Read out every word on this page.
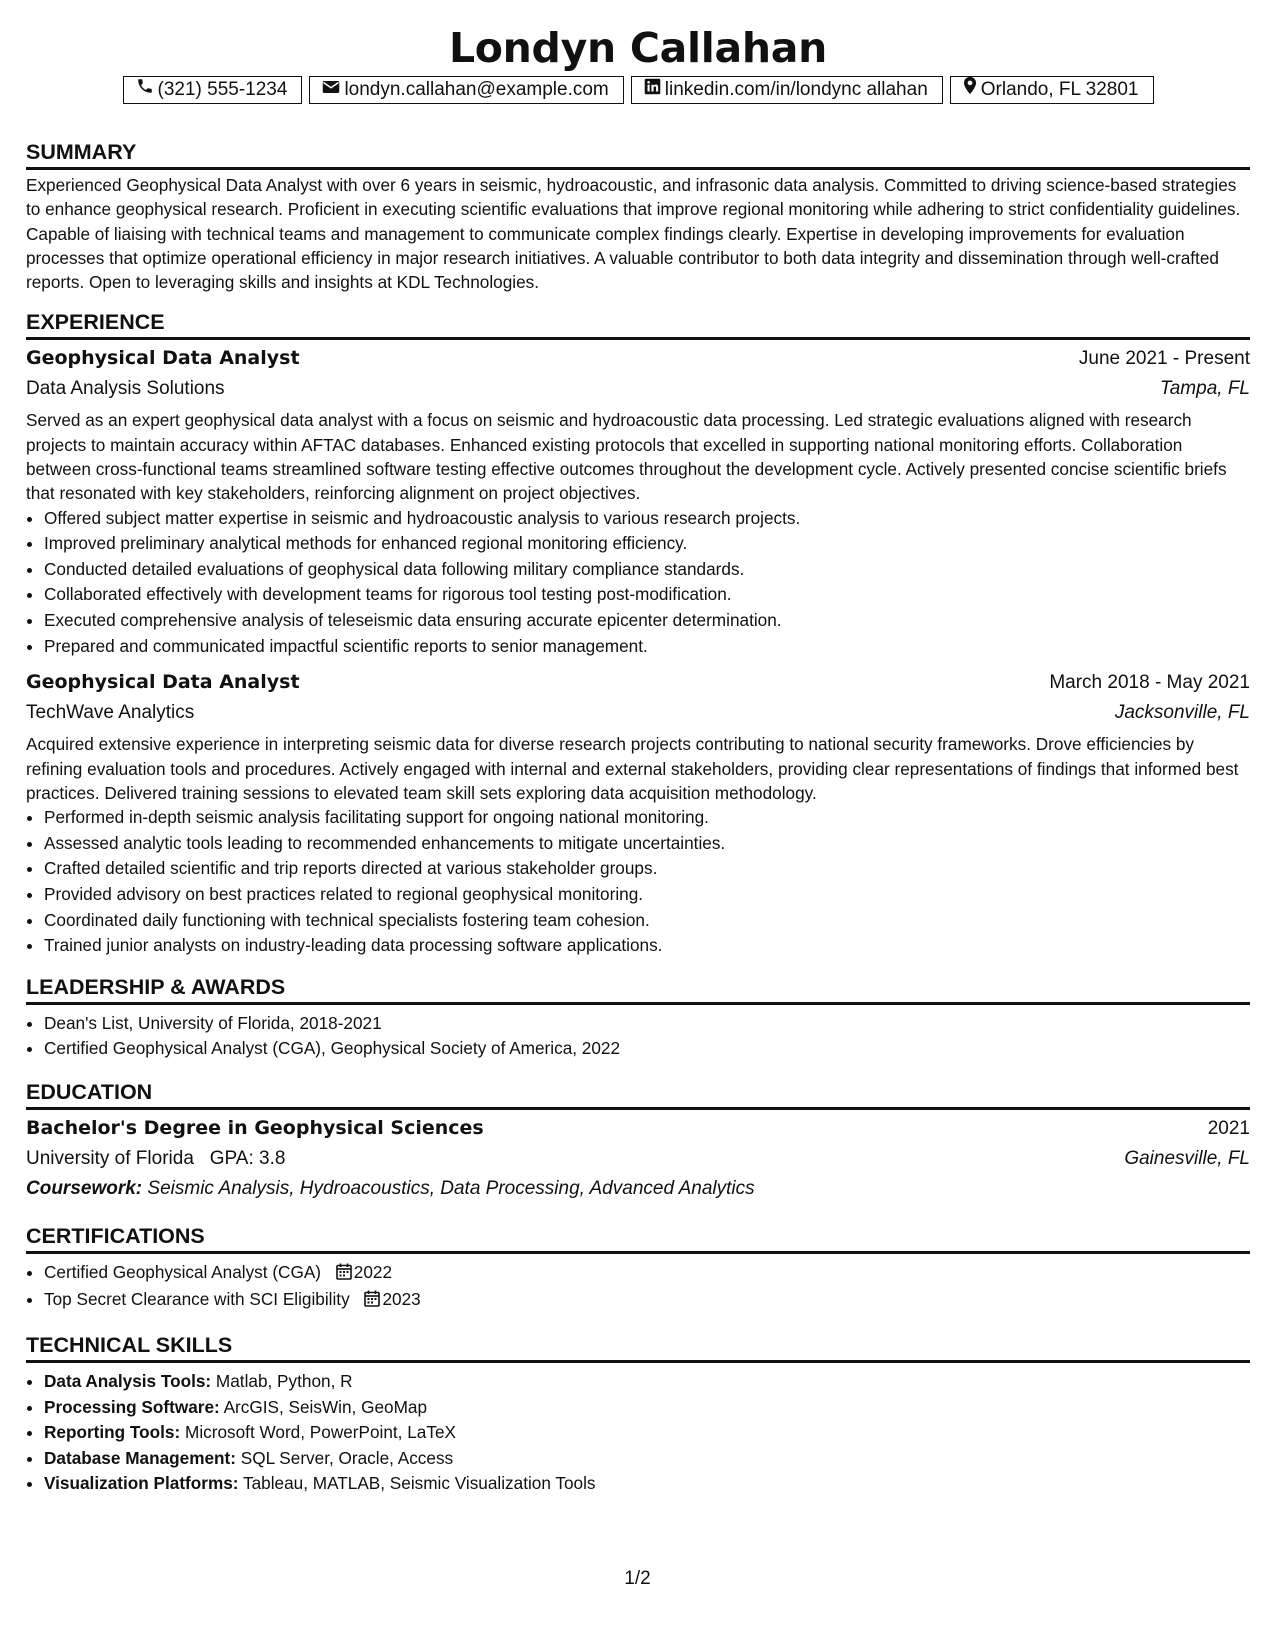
Londyn Callahan
(321) 555-1234	londyn.callahan@example.com	linkedin.com/in/londync allahan	Orlando, FL 32801
SUMMARY

Experienced Geophysical Data Analyst with over 6 years in seismic, hydroacoustic, and infrasonic data analysis. Committed to driving science-based strategies to enhance geophysical research. Proficient in executing scientific evaluations that improve regional monitoring while adhering to strict confidentiality guidelines. Capable of liaising with technical teams and management to communicate complex findings clearly. Expertise in developing improvements for evaluation processes that optimize operational efficiency in major research initiatives. A valuable contributor to both data integrity and dissemination through well-crafted reports. Open to leveraging skills and insights at KDL Technologies.

EXPERIENCE
Geophysical Data Analyst	June 2021 - Present
Data Analysis Solutions	Tampa, FL

Served as an expert geophysical data analyst with a focus on seismic and hydroacoustic data processing. Led strategic evaluations aligned with research projects to maintain accuracy within AFTAC databases. Enhanced existing protocols that excelled in supporting national monitoring efforts. Collaboration between cross-functional teams streamlined software testing effective outcomes throughout the development cycle. Actively presented concise scientific briefs that resonated with key stakeholders, reinforcing alignment on project objectives.

• Offered subject matter expertise in seismic and hydroacoustic analysis to various research projects.
• Improved preliminary analytical methods for enhanced regional monitoring efficiency.
• Conducted detailed evaluations of geophysical data following military compliance standards.
• Collaborated effectively with development teams for rigorous tool testing post-modification.
• Executed comprehensive analysis of teleseismic data ensuring accurate epicenter determination.
• Prepared and communicated impactful scientific reports to senior management.
Geophysical Data Analyst	March 2018 - May 2021
TechWave Analytics	Jacksonville, FL

Acquired extensive experience in interpreting seismic data for diverse research projects contributing to national security frameworks. Drove efficiencies by refining evaluation tools and procedures. Actively engaged with internal and external stakeholders, providing clear representations of findings that informed best practices. Delivered training sessions to elevated team skill sets exploring data acquisition methodology.

• Performed in-depth seismic analysis facilitating support for ongoing national monitoring.
• Assessed analytic tools leading to recommended enhancements to mitigate uncertainties.
• Crafted detailed scientific and trip reports directed at various stakeholder groups.
• Provided advisory on best practices related to regional geophysical monitoring.
• Coordinated daily functioning with technical specialists fostering team cohesion.
• Trained junior analysts on industry-leading data processing software applications.
LEADERSHIP & AWARDS
• Dean's List, University of Florida, 2018-2021
• Certified Geophysical Analyst (CGA), Geophysical Society of America, 2022
EDUCATION
Bachelor's Degree in Geophysical Sciences	2021
University of Florida GPA: 3.8	Gainesville, FL
Coursework: Seismic Analysis, Hydroacoustics, Data Processing, Advanced Analytics
CERTIFICATIONS
• Certified Geophysical Analyst (CGA) 2022
• Top Secret Clearance with SCI Eligibility 2023
TECHNICAL SKILLS
• Data Analysis Tools: Matlab, Python, R
• Processing Software: ArcGIS, SeisWin, GeoMap
• Reporting Tools: Microsoft Word, PowerPoint, LaTeX
• Database Management: SQL Server, Oracle, Access
• Visualization Platforms: Tableau, MATLAB, Seismic Visualization Tools
1/2
